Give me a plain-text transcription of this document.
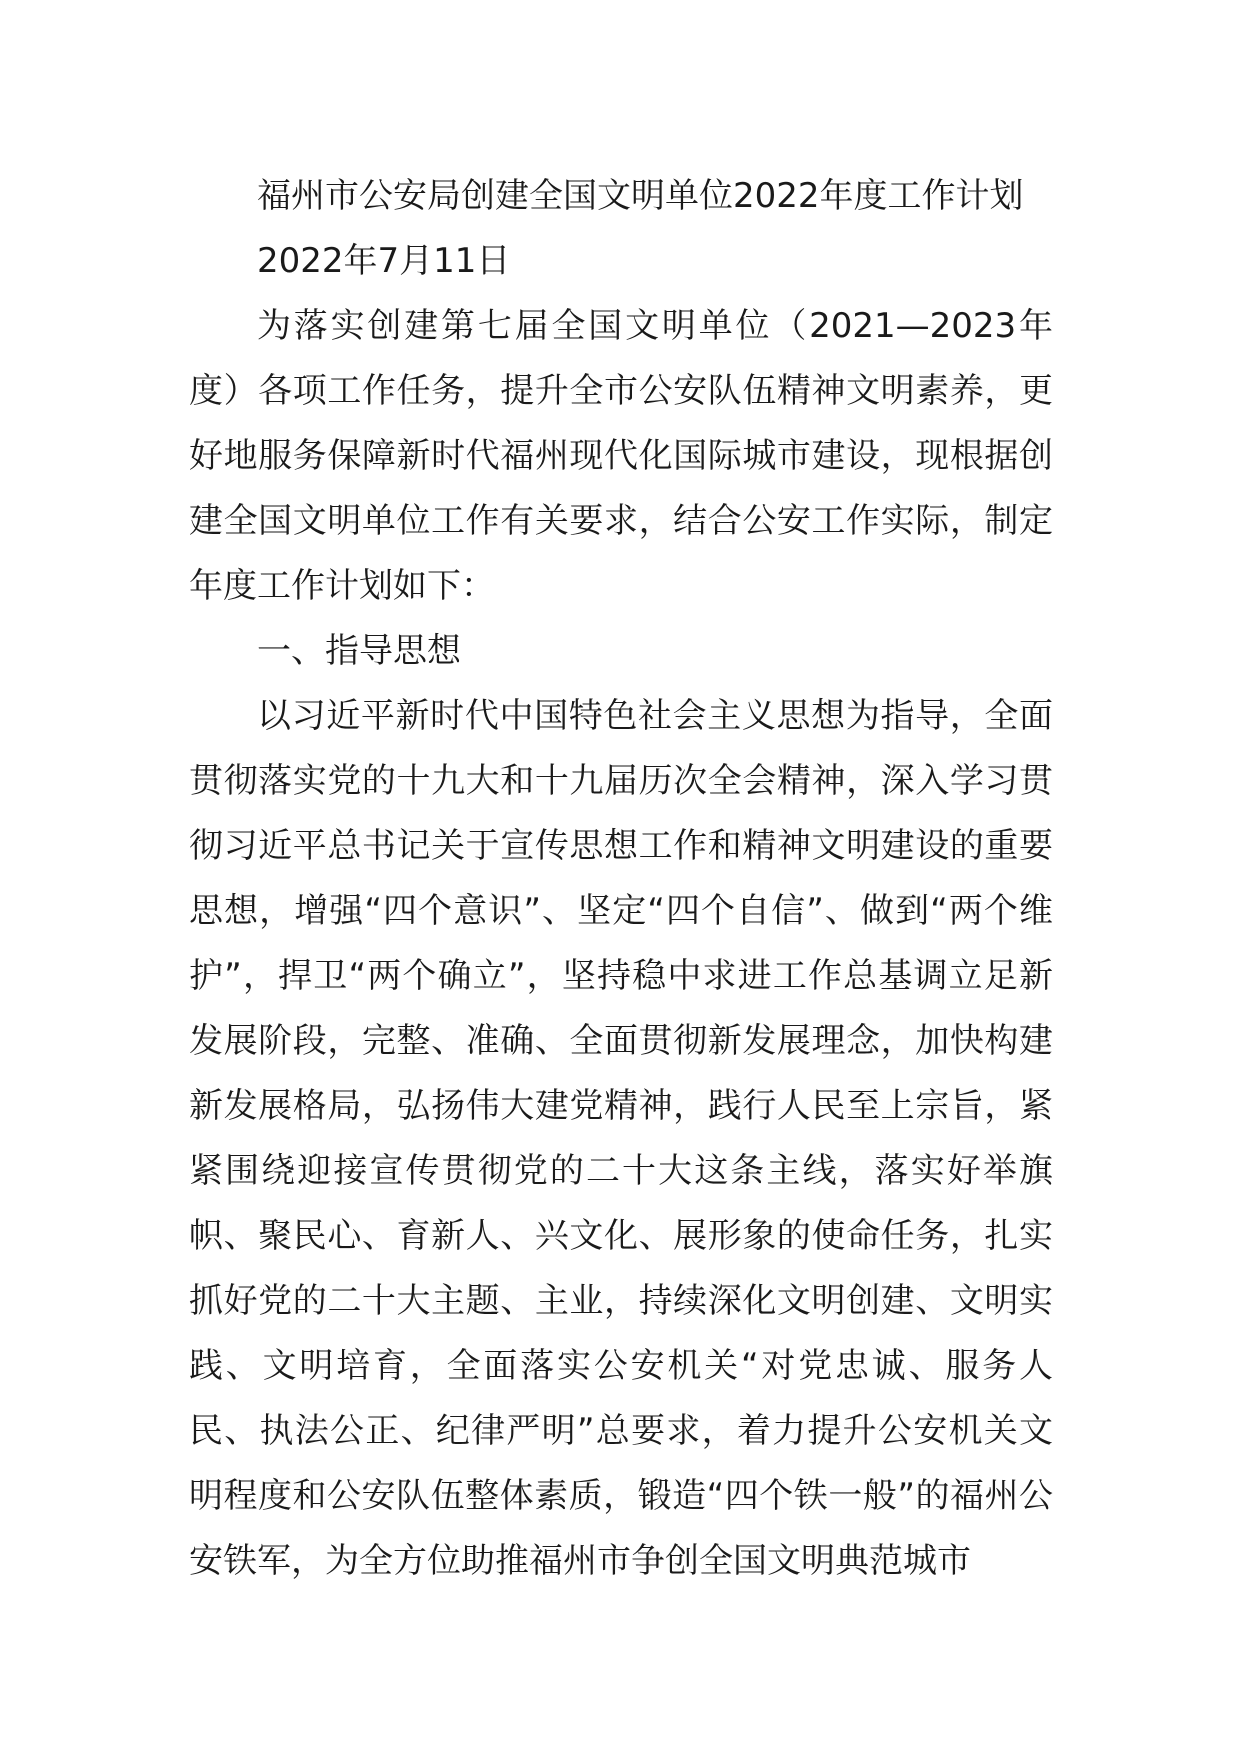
福州市公安局创建全国文明单位2022年度工作计划

2022年7月11日

为落实创建第七届全国文明单位（2021—2023年度）各项工作任务，提升全市公安队伍精神文明素养，更好地服务保障新时代福州现代化国际城市建设，现根据创建全国文明单位工作有关要求，结合公安工作实际，制定年度工作计划如下：

一、指导思想

以习近平新时代中国特色社会主义思想为指导，全面贯彻落实党的十九大和十九届历次全会精神，深入学习贯彻习近平总书记关于宣传思想工作和精神文明建设的重要思想，增强“四个意识”、坚定“四个自信”、做到“两个维护”，捍卫“两个确立”，坚持稳中求进工作总基调立足新发展阶段，完整、准确、全面贯彻新发展理念，加快构建新发展格局，弘扬伟大建党精神，践行人民至上宗旨，紧紧围绕迎接宣传贯彻党的二十大这条主线，落实好举旗帜、聚民心、育新人、兴文化、展形象的使命任务，扎实抓好党的二十大主题、主业，持续深化文明创建、文明实践、文明培育，全面落实公安机关“对党忠诚、服务人民、执法公正、纪律严明”总要求，着力提升公安机关文明程度和公安队伍整体素质，锻造“四个铁一般”的福州公安铁军，为全方位助推福州市争创全国文明典范城市
